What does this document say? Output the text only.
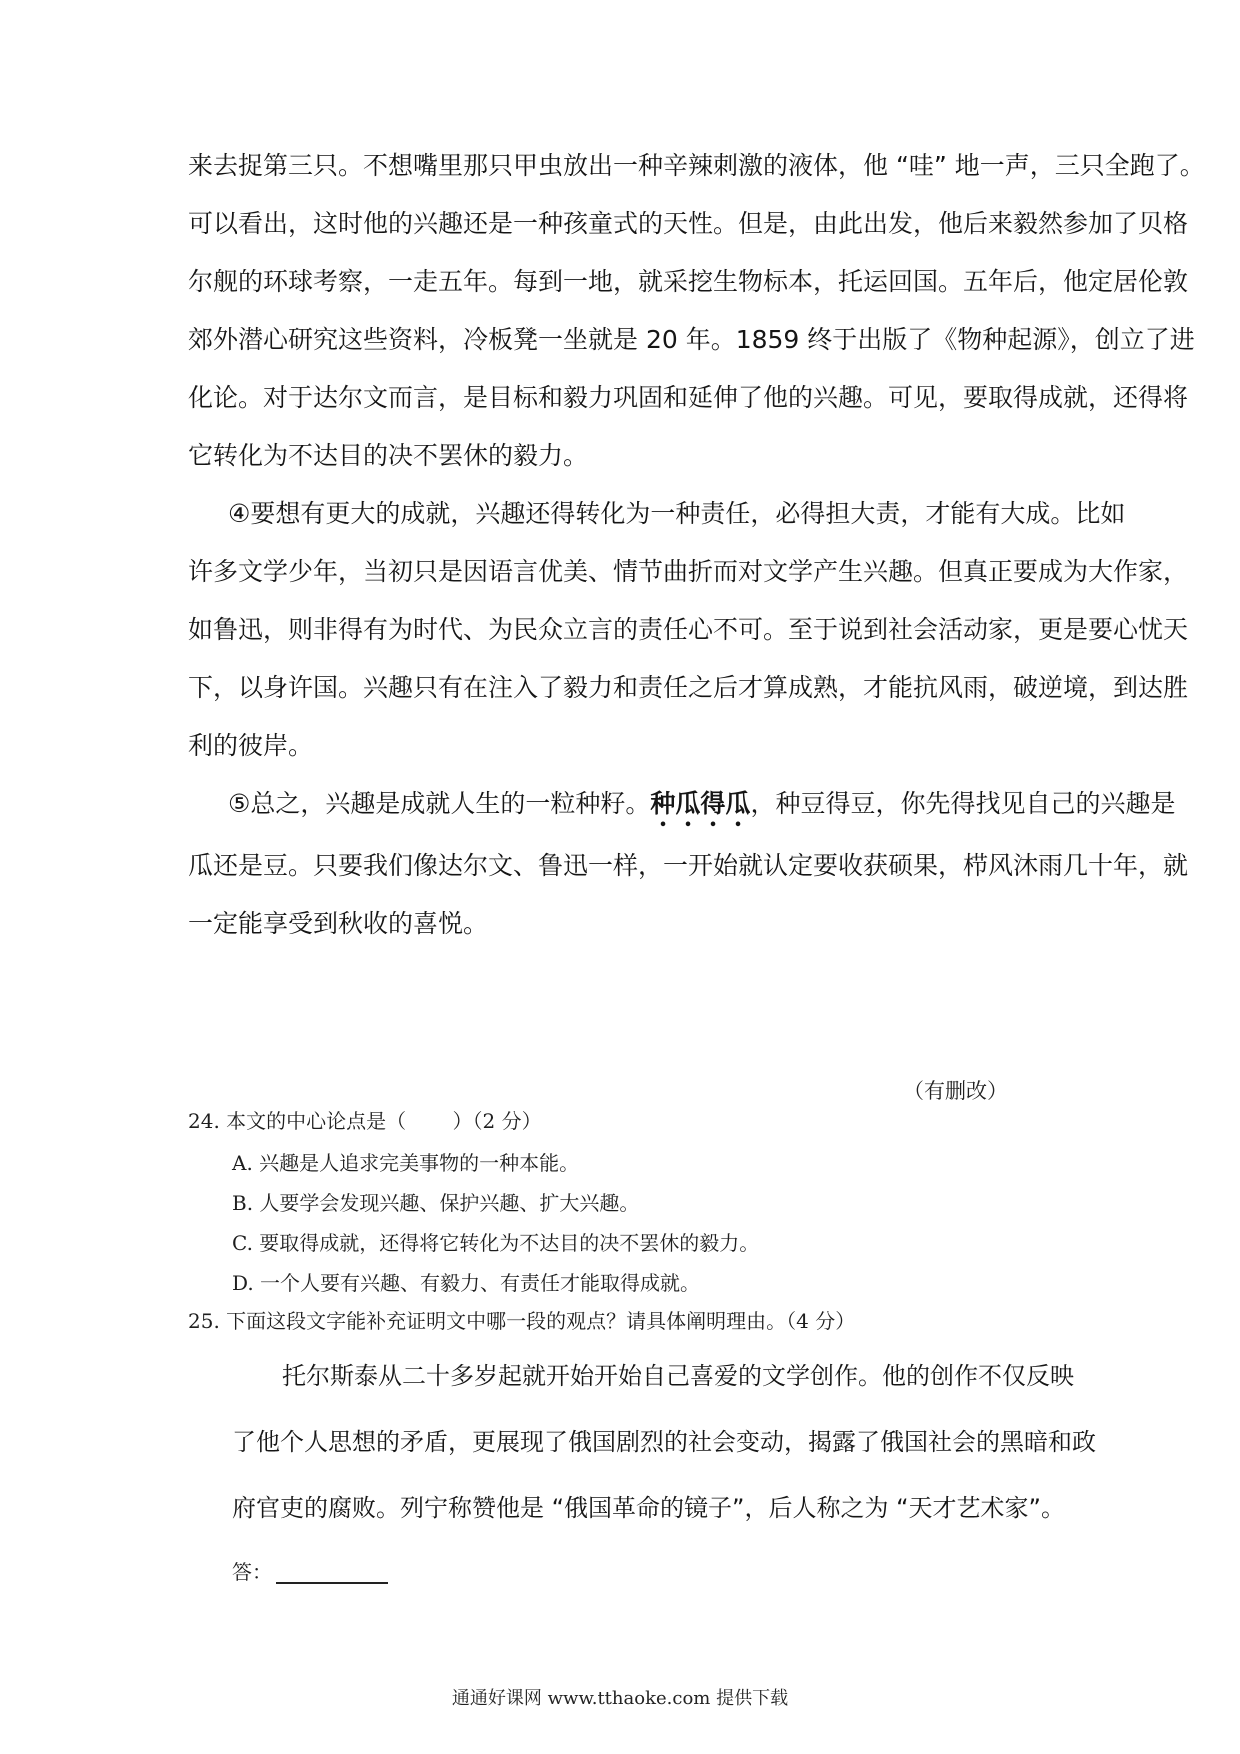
来去捉第三只。不想嘴里那只甲虫放出一种辛辣刺激的液体，他 “哇” 地一声，三只全跑了。
可以看出，这时他的兴趣还是一种孩童式的天性。但是，由此出发，他后来毅然参加了贝格
尔舰的环球考察，一走五年。每到一地，就采挖生物标本，托运回国。五年后，他定居伦敦
郊外潜心研究这些资料，冷板凳一坐就是 20 年。1859 终于出版了《物种起源》，创立了进
化论。对于达尔文而言，是目标和毅力巩固和延伸了他的兴趣。可见，要取得成就，还得将
它转化为不达目的决不罢休的毅力。
④要想有更大的成就，兴趣还得转化为一种责任，必得担大责，才能有大成。比如
许多文学少年，当初只是因语言优美、情节曲折而对文学产生兴趣。但真正要成为大作家，
如鲁迅，则非得有为时代、为民众立言的责任心不可。至于说到社会活动家，更是要心忧天
下，以身许国。兴趣只有在注入了毅力和责任之后才算成熟，才能抗风雨，破逆境，到达胜
利的彼岸。
⑤总之，兴趣是成就人生的一粒种籽。种瓜得瓜，种豆得豆，你先得找见自己的兴趣是
瓜还是豆。只要我们像达尔文、鲁迅一样，一开始就认定要收获硕果，栉风沐雨几十年，就
一定能享受到秋收的喜悦。
（有删改）
24. 本文的中心论点是（　　 ）（2 分）
A. 兴趣是人追求完美事物的一种本能。
B. 人要学会发现兴趣、保护兴趣、扩大兴趣。
C. 要取得成就，还得将它转化为不达目的决不罢休的毅力。
D. 一个人要有兴趣、有毅力、有责任才能取得成就。
25. 下面这段文字能补充证明文中哪一段的观点？请具体阐明理由。（4 分）
托尔斯泰从二十多岁起就开始开始自己喜爱的文学创作。他的创作不仅反映
了他个人思想的矛盾，更展现了俄国剧烈的社会变动，揭露了俄国社会的黑暗和政
府官吏的腐败。列宁称赞他是 “俄国革命的镜子”，后人称之为 “天才艺术家”。
答：
通通好课网 www.tthaoke.com 提供下载
